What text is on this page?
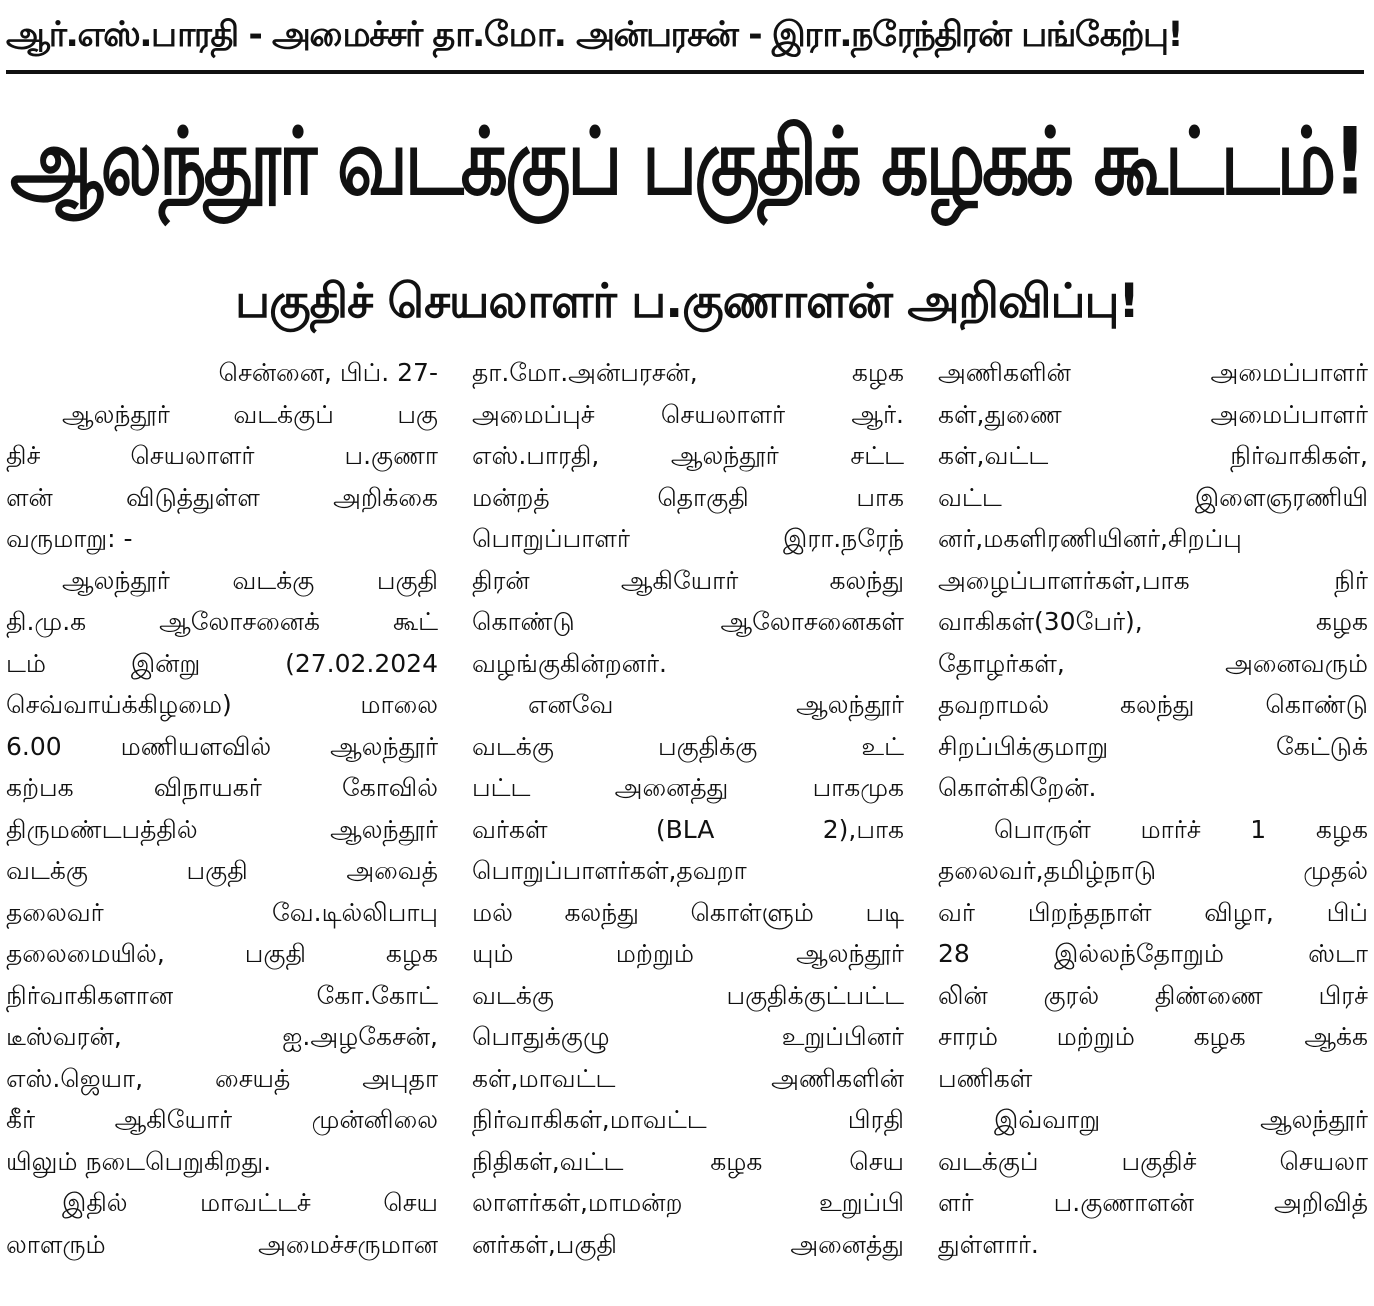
ஆர்.எஸ்.பாரதி - அமைச்சர் தா.மோ. அன்பரசன் - இரா.நரேந்திரன் பங்கேற்பு!
ஆலந்தூர் வடக்குப் பகுதிக் கழகக் கூட்டம்!
பகுதிச் செயலாளர் ப.குணாளன் அறிவிப்பு!

சென்னை, பிப். 27-

ஆலந்தூர் வடக்குப் பகு

திச் செயலாளர் ப.குணா

ளன் விடுத்துள்ள அறிக்கை

வருமாறு: -

ஆலந்தூர் வடக்கு பகுதி

தி.மு.க ஆலோசனைக் கூட்

டம் இன்று (27.02.2024

செவ்வாய்க்கிழமை) மாலை

6.00 மணியளவில் ஆலந்தூர்

கற்பக விநாயகர் கோவில்

திருமண்டபத்தில் ஆலந்தூர்

வடக்கு பகுதி அவைத்

தலைவர் வே.டில்லிபாபு

தலைமையில், பகுதி கழக

நிர்வாகிகளான கோ.கோட்

டீஸ்வரன், ஐ.அழகேசன்,

எஸ்.ஜெயா, சையத் அபுதா

கீர் ஆகியோர் முன்னிலை

யிலும் நடைபெறுகிறது.

இதில் மாவட்டச் செய

லாளரும் அமைச்சருமான

தா.மோ.அன்பரசன், கழக

அமைப்புச் செயலாளர் ஆர்.

எஸ்.பாரதி, ஆலந்தூர் சட்ட

மன்றத் தொகுதி பாக

பொறுப்பாளர் இரா.நரேந்

திரன் ஆகியோர் கலந்து

கொண்டு ஆலோசனைகள்

வழங்குகின்றனர்.

எனவே ஆலந்தூர்

வடக்கு பகுதிக்கு உட்

பட்ட அனைத்து பாகமுக

வர்கள் (BLA 2),பாக

பொறுப்பாளர்கள்,தவறா

மல் கலந்து கொள்ளும் படி

யும் மற்றும் ஆலந்தூர்

வடக்கு பகுதிக்குட்பட்ட

பொதுக்குழு உறுப்பினர்

கள்,மாவட்ட அணிகளின்

நிர்வாகிகள்,மாவட்ட பிரதி

நிதிகள்,வட்ட கழக செய

லாளர்கள்,மாமன்ற உறுப்பி

னர்கள்,பகுதி அனைத்து

அணிகளின் அமைப்பாளர்

கள்,துணை அமைப்பாளர்

கள்,வட்ட நிர்வாகிகள்,

வட்ட இளைஞரணியி

னர்,மகளிரணியினர்,சிறப்பு

அழைப்பாளர்கள்,பாக நிர்

வாகிகள்(30பேர்), கழக

தோழர்கள், அனைவரும்

தவறாமல் கலந்து கொண்டு

சிறப்பிக்குமாறு கேட்டுக்

கொள்கிறேன்.

பொருள் மார்ச் 1 கழக

தலைவர்,தமிழ்நாடு முதல்

வர் பிறந்தநாள் விழா, பிப்

28 இல்லந்தோறும் ஸ்டா

லின் குரல் திண்ணை பிரச்

சாரம் மற்றும் கழக ஆக்க

பணிகள்

இவ்வாறு ஆலந்தூர்

வடக்குப் பகுதிச் செயலா

ளர் ப.குணாளன் அறிவித்

துள்ளார்.
